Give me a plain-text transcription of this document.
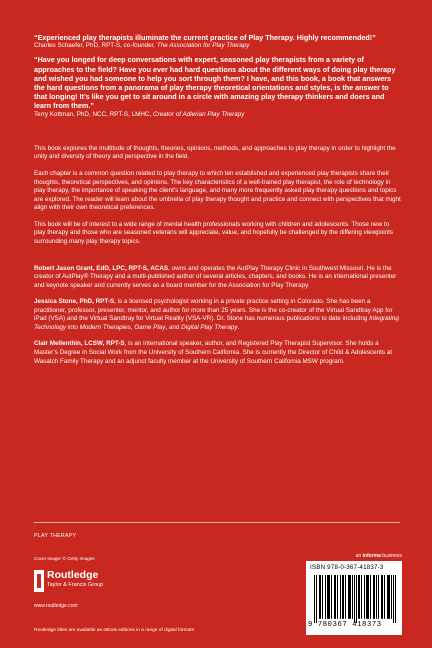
“Experienced play therapists illuminate the current practice of Play Therapy. Highly recommended!”

Charles Schaefer, PhD, RPT-S, co-founder, The Association for Play Therapy

“Have you longed for deep conversations with expert, seasoned play therapists from a variety of approaches to the field? Have you ever had hard questions about the different ways of doing play therapy and wished you had someone to help you sort through them? I have, and this book, a book that answers the hard questions from a panorama of play therapy theoretical orientations and styles, is the answer to that longing! It’s like you get to sit around in a circle with amazing play therapy thinkers and doers and learn from them.”

Terry Kottman, PhD, NCC, RPT-S, LMHC, Creator of Adlerian Play Therapy

This book explores the multitude of thoughts, theories, opinions, methods, and approaches to play therapy in order to highlight the unity and diversity of theory and perspective in the field.

Each chapter is a common question related to play therapy to which ten established and experienced play therapists share their thoughts, theoretical perspectives, and opinions. The key characteristics of a well-trained play therapist, the role of technology in play therapy, the importance of speaking the client’s language, and many more frequently asked play therapy questions and topics are explored. The reader will learn about the umbrella of play therapy thought and practice and connect with perspectives that might align with their own theoretical preferences.

This book will be of interest to a wide range of mental health professionals working with children and adolescents. Those new to play therapy and those who are seasoned veterans will appreciate, value, and hopefully be challenged by the differing viewpoints surrounding many play therapy topics.

Robert Jason Grant, EdD, LPC, RPT-S, ACAS, owns and operates the AutPlay Therapy Clinic in Southwest Missouri. He is the creator of AutPlay® Therapy and a multi-published author of several articles, chapters, and books. He is an international presenter and keynote speaker and currently serves as a board member for the Association for Play Therapy.

Jessica Stone, PhD, RPT-S, is a licensed psychologist working in a private practice setting in Colorado. She has been a practitioner, professor, presenter, mentor, and author for more than 25 years. She is the co-creator of the Virtual Sandtray App for iPad (VSA) and the Virtual Sandtray for Virtual Reality (VSA-VR). Dr. Stone has numerous publications to date including Integrating Technology into Modern Therapies, Game Play, and Digital Play Therapy.

Clair Mellenthin, LCSW, RPT-S, is an international speaker, author, and Registered Play Therapist Supervisor. She holds a Master’s Degree in Social Work from the University of Southern California. She is currently the Director of Child & Adolescents at Wasatch Family Therapy and an adjunct faculty member at the University of Southern California MSW program.

PLAY THERAPY
Cover image: © Getty Images
Routledge
Taylor & Francis Group
www.routledge.com
Routledge titles are available as eBook editions in a range of digital formats
an informa business
ISBN 978-0-367-41837-3
9 780367 418373
